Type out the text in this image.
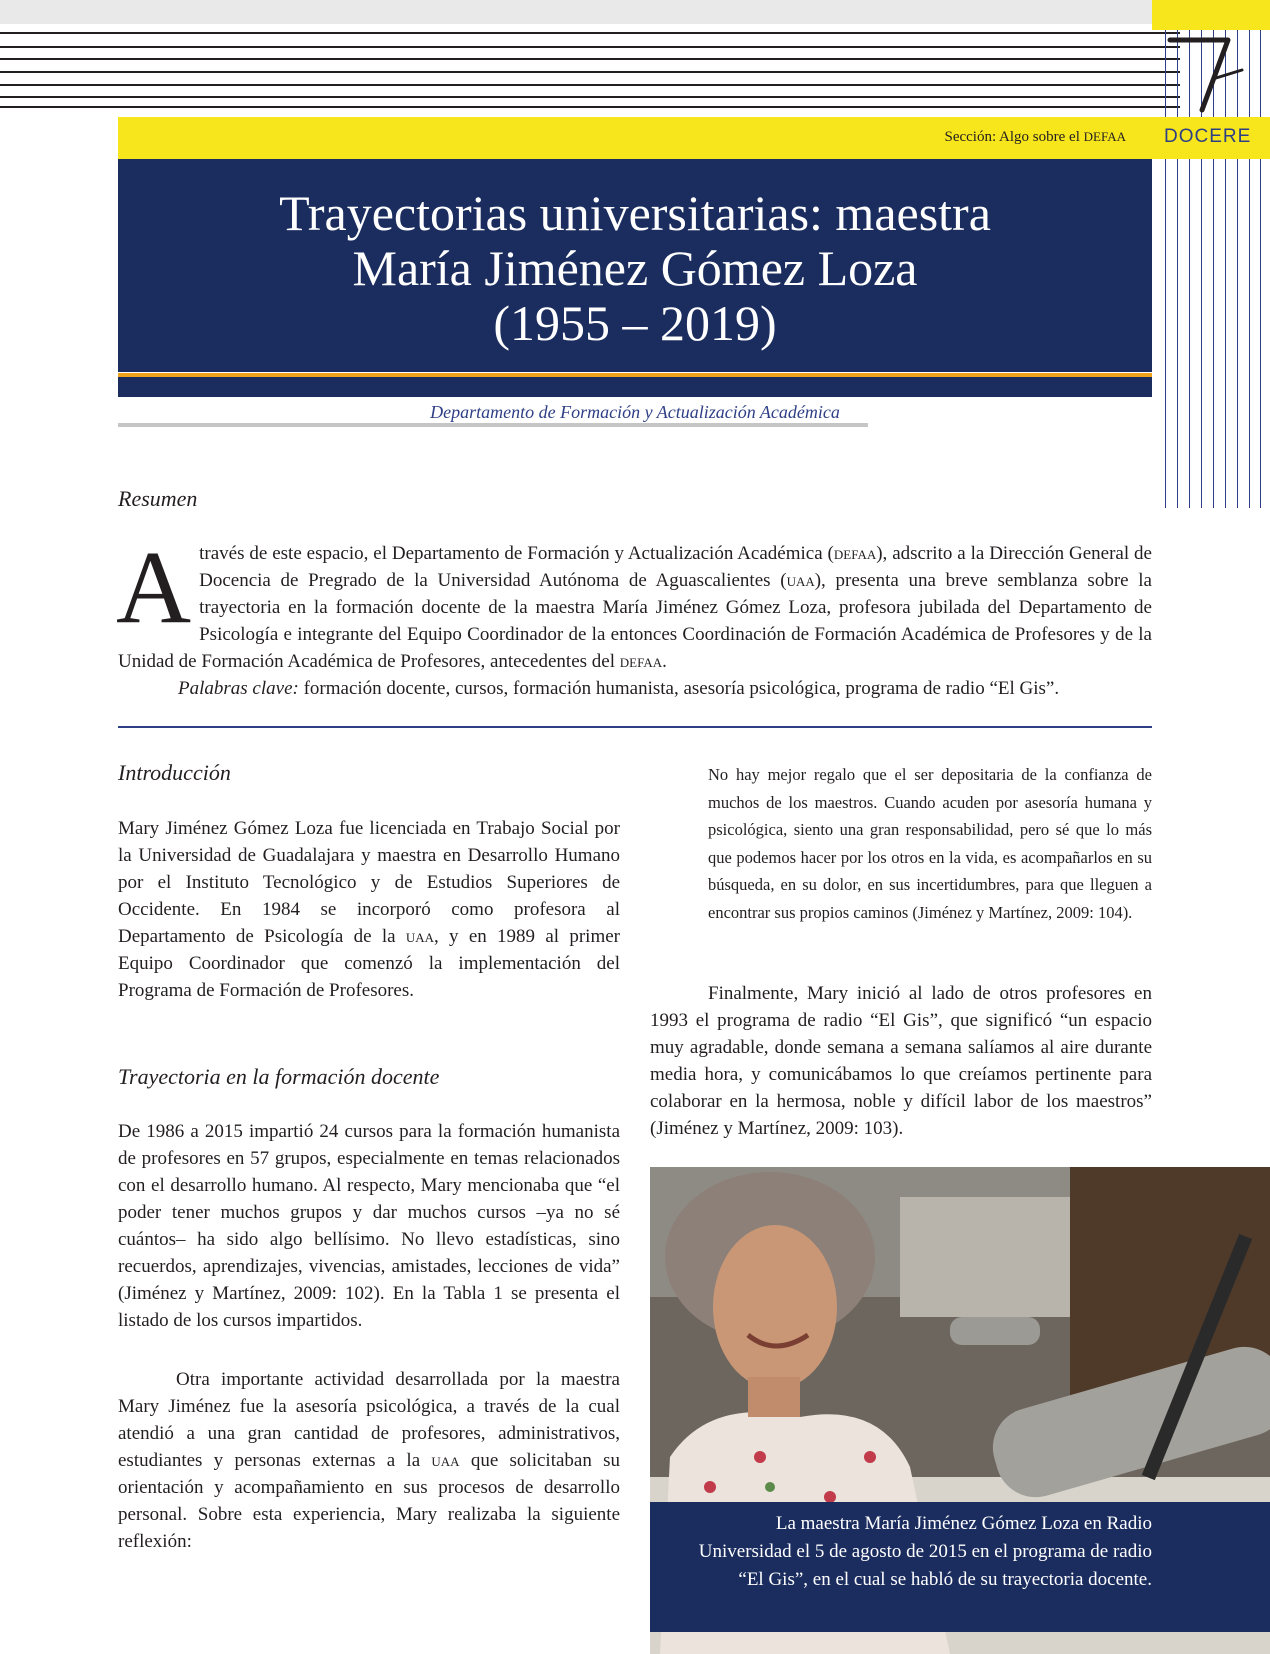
Sección: Algo sobre el DEFAA DOCERE
Trayectorias universitarias: maestra
María Jiménez Gómez Loza
(1955 – 2019)
Departamento de Formación y Actualización Académica
Resumen
Através de este espacio, el Departamento de Formación y Actualización Académica (defaa), adscrito a la Dirección General de Docencia de Pregrado de la Universidad Autónoma de Aguascalientes (uaa), presenta una breve semblanza sobre la trayectoria en la formación docente de la maestra María Jiménez Gómez Loza, profesora jubilada del Departamento de Psicología e integrante del Equipo Coordinador de la entonces Coordinación de Formación Académica de Profesores y de la Unidad de Formación Académica de Profesores, antecedentes del defaa.
Palabras clave: formación docente, cursos, formación humanista, asesoría psicológica, programa de radio “El Gis”.
Introducción
Mary Jiménez Gómez Loza fue licenciada en Trabajo Social por la Universidad de Guadalajara y maestra en Desarrollo Humano por el Instituto Tecnológico y de Estudios Superiores de Occidente. En 1984 se incorporó como profesora al Departamento de Psicología de la uaa, y en 1989 al primer Equipo Coordinador que comenzó la implementación del Programa de Formación de Profesores.
Trayectoria en la formación docente
De 1986 a 2015 impartió 24 cursos para la formación humanista de profesores en 57 grupos, especialmente en temas relacionados con el desarrollo humano. Al respecto, Mary mencionaba que “el poder tener muchos grupos y dar muchos cursos –ya no sé cuántos– ha sido algo bellísimo. No llevo estadísticas, sino recuerdos, aprendizajes, vivencias, amistades, lecciones de vida” (Jiménez y Martínez, 2009: 102). En la Tabla 1 se presenta el listado de los cursos impartidos.
Otra importante actividad desarrollada por la maestra Mary Jiménez fue la asesoría psicológica, a través de la cual atendió a una gran cantidad de profesores, administrativos, estudiantes y personas externas a la uaa que solicitaban su orientación y acompañamiento en sus procesos de desarrollo personal. Sobre esta experiencia, Mary realizaba la siguiente reflexión:
No hay mejor regalo que el ser depositaria de la confianza de muchos de los maestros. Cuando acuden por asesoría humana y psicológica, siento una gran responsabilidad, pero sé que lo más que podemos hacer por los otros en la vida, es acompañarlos en su búsqueda, en su dolor, en sus incertidumbres, para que lleguen a encontrar sus propios caminos (Jiménez y Martínez, 2009: 104).
Finalmente, Mary inició al lado de otros profesores en 1993 el programa de radio “El Gis”, que significó “un espacio muy agradable, donde semana a semana salíamos al aire durante media hora, y comunicábamos lo que creíamos pertinente para colaborar en la hermosa, noble y difícil labor de los maestros” (Jiménez y Martínez, 2009: 103).
La maestra María Jiménez Gómez Loza en Radio Universidad el 5 de agosto de 2015 en el programa de radio “El Gis”, en el cual se habló de su trayectoria docente.
